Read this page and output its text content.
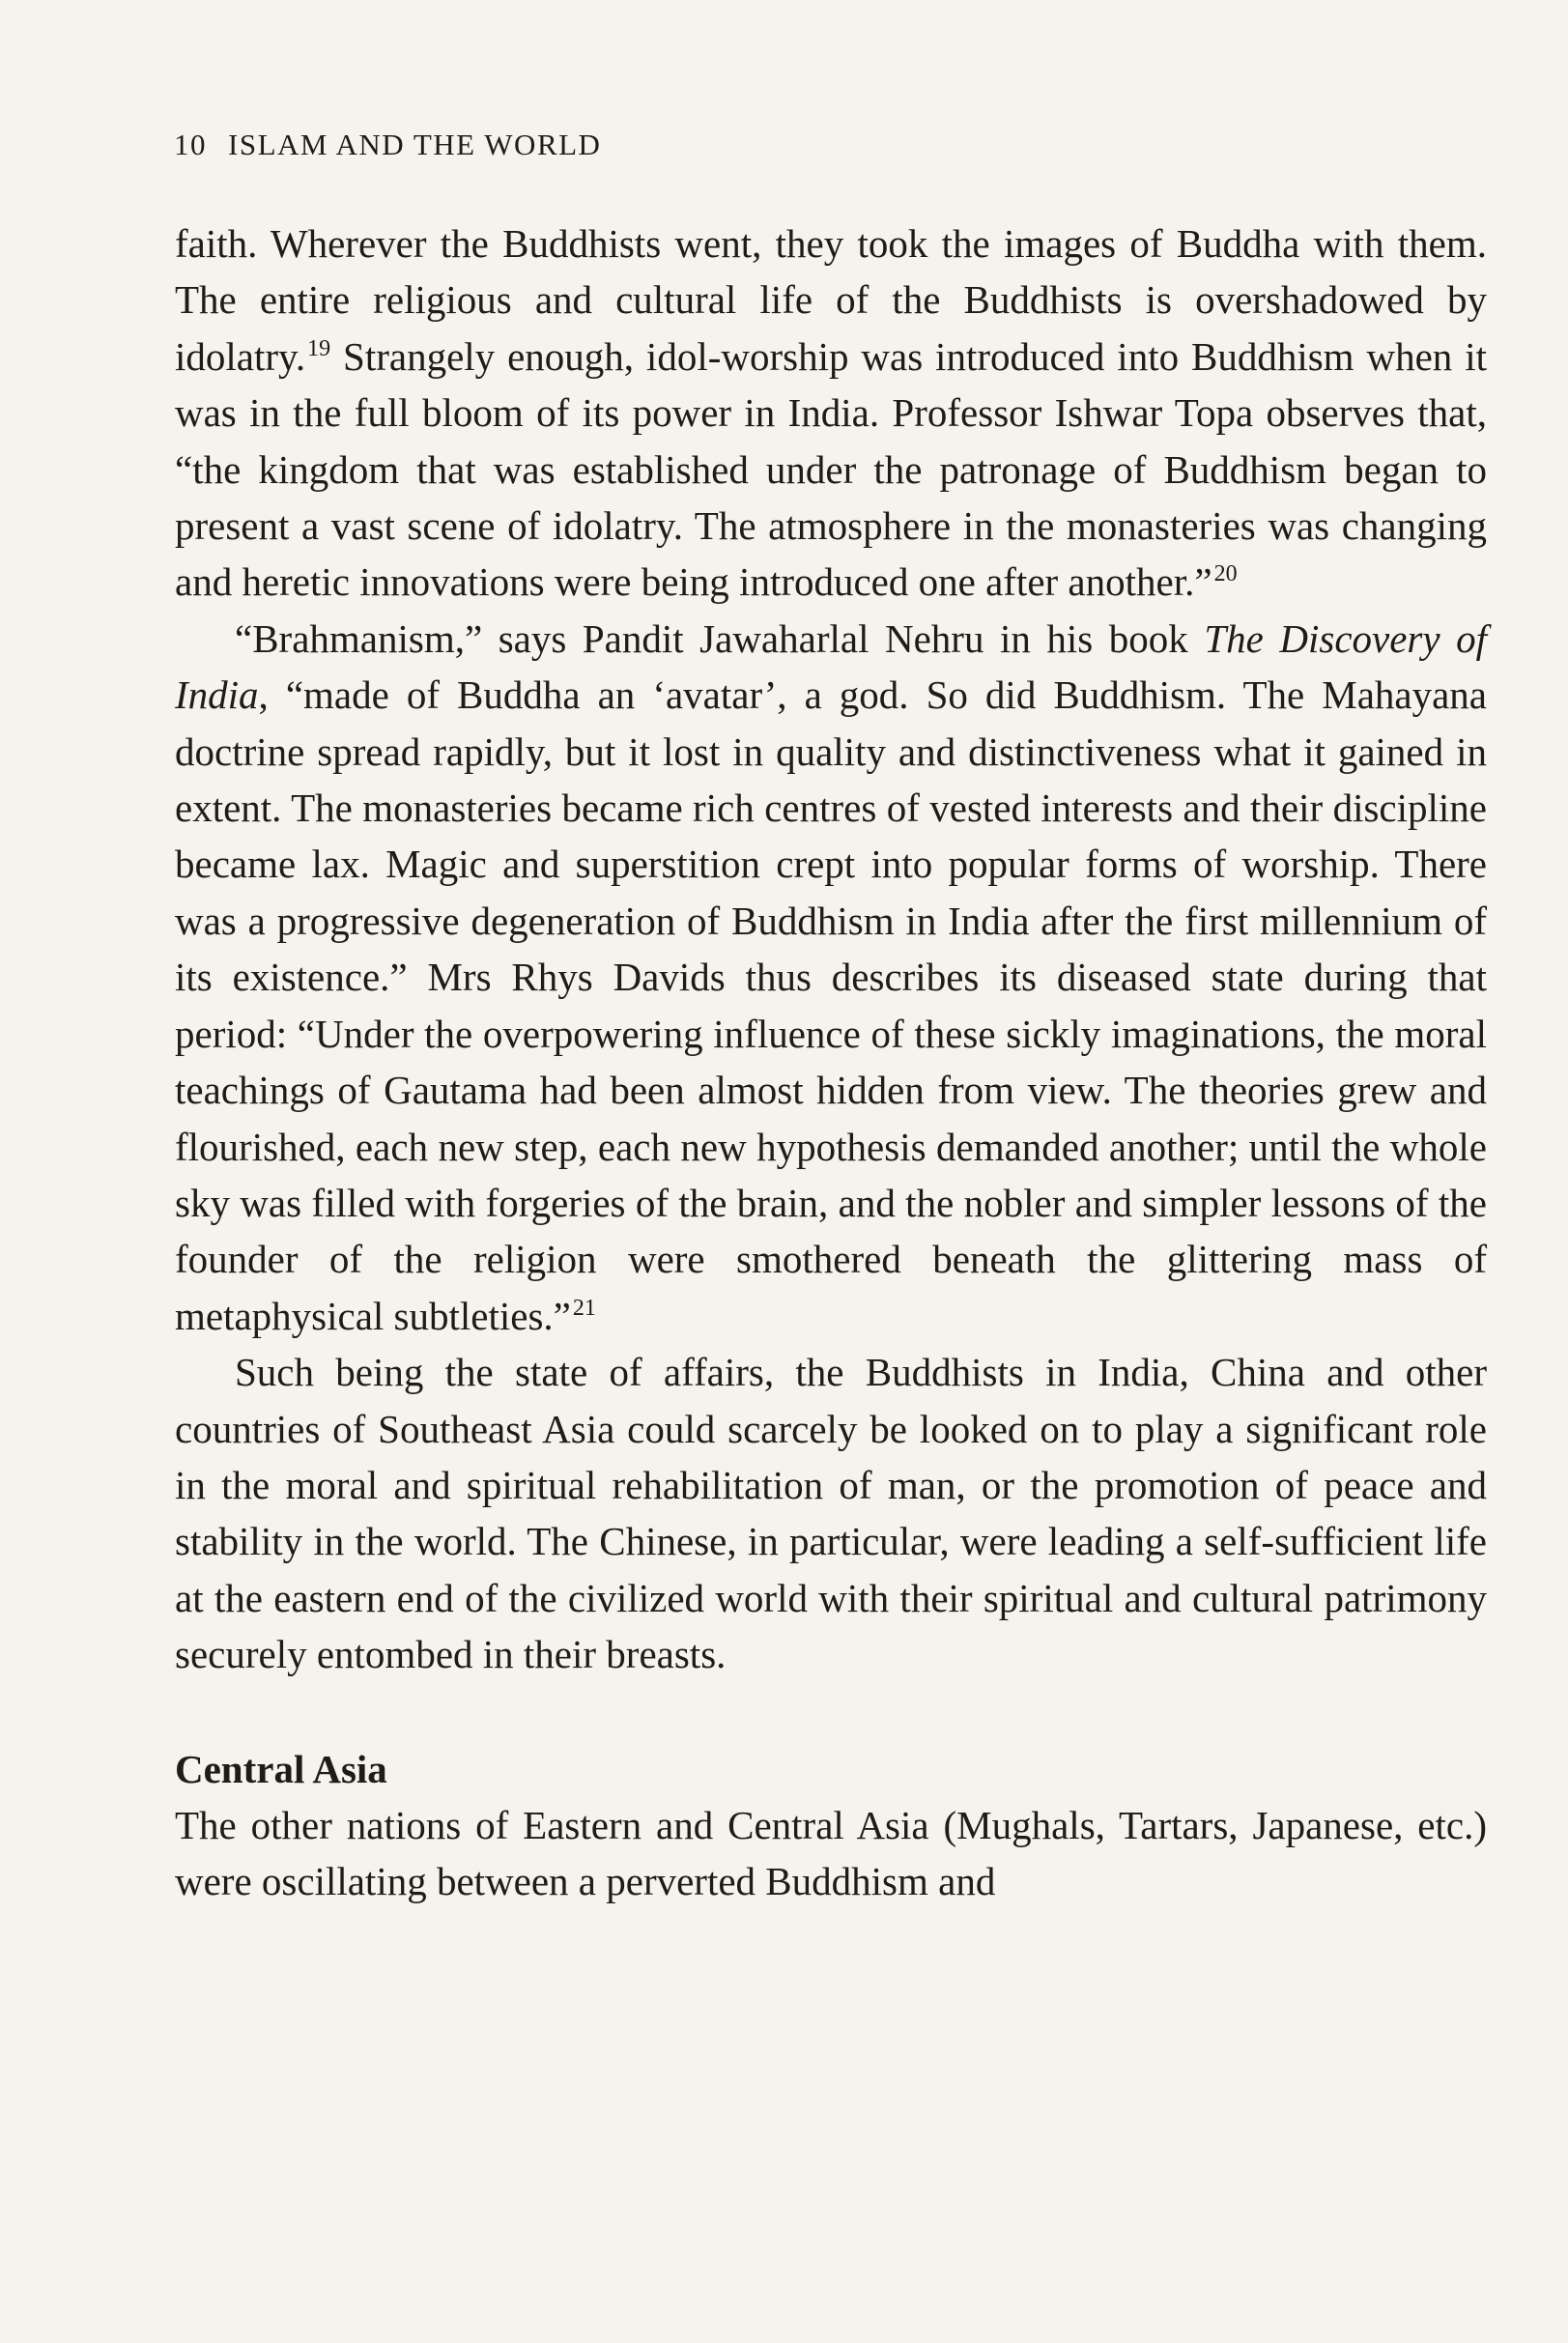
10 ISLAM AND THE WORLD

faith. Wherever the Buddhists went, they took the images of Buddha with them. The entire religious and cultural life of the Buddhists is overshadowed by idolatry.$^{19}$ Strangely enough, idol-worship was introduced into Buddhism when it was in the full bloom of its power in India. Professor Ishwar Topa observes that, “the kingdom that was established under the patronage of Buddhism began to present a vast scene of idolatry. The atmosphere in the monasteries was changing and heretic innovations were being introduced one after another.”$^{20}$

“Brahmanism,” says Pandit Jawaharlal Nehru in his book The Discovery of India, “made of Buddha an ‘avatar’, a god. So did Buddhism. The Mahayana doctrine spread rapidly, but it lost in quality and distinctiveness what it gained in extent. The monasteries became rich centres of vested interests and their discipline became lax. Magic and superstition crept into popular forms of worship. There was a progressive degeneration of Buddhism in India after the first millennium of its existence.” Mrs Rhys Davids thus describes its diseased state during that period: “Under the overpowering influence of these sickly imaginations, the moral teachings of Gautama had been almost hidden from view. The theories grew and flourished, each new step, each new hypothesis demanded another; until the whole sky was filled with forgeries of the brain, and the nobler and simpler lessons of the founder of the religion were smothered beneath the glittering mass of metaphysical subtleties.”$^{21}$

Such being the state of affairs, the Buddhists in India, China and other countries of Southeast Asia could scarcely be looked on to play a significant role in the moral and spiritual rehabilitation of man, or the promotion of peace and stability in the world. The Chinese, in particular, were leading a self-sufficient life at the eastern end of the civilized world with their spiritual and cultural patrimony securely entombed in their breasts.

Central Asia

The other nations of Eastern and Central Asia (Mughals, Tartars, Japanese, etc.) were oscillating between a perverted Buddhism and
